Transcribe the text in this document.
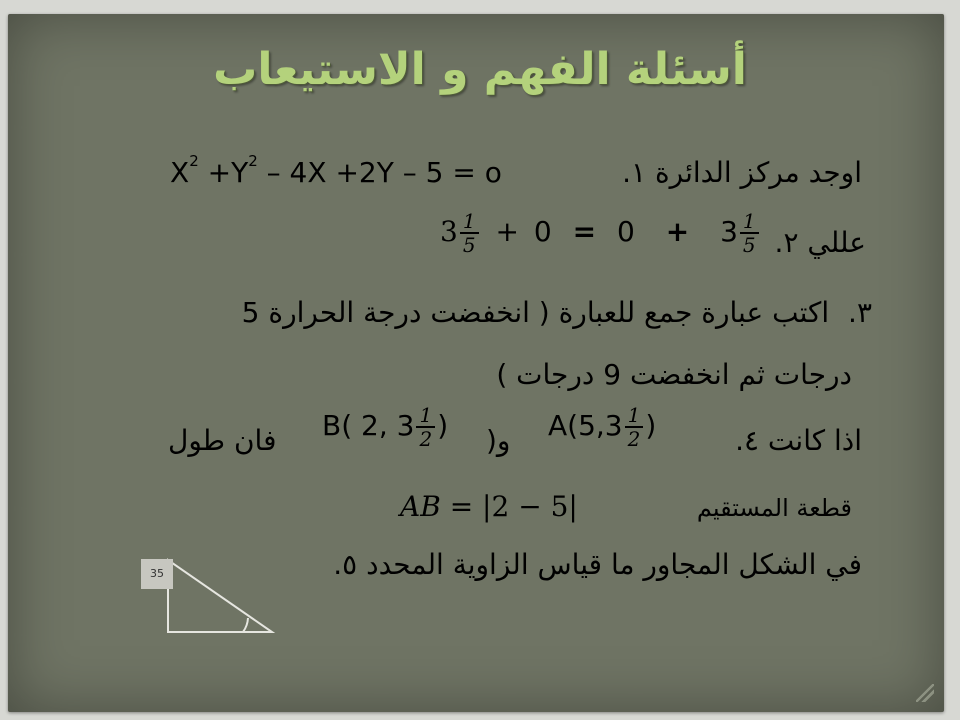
أسئلة الفهم و الاستيعاب
١. اوجد مركز الدائرة
$X^2 +Y^2 - 4X +2Y - 5 = o$
٢. عللي
$3 \frac{1}{5} + 0 = 0 + 3 \frac{1}{5}$
٣. اكتب عبارة جمع للعبارة ( انخفضت درجة الحرارة 5
درجات ثم انخفضت 9 درجات )
٤. اذا كانت
$A(5,3 \frac{1}{2}$ )
و(
B( 2, $3 \frac{1}{2}$ )
فان طول
قطعة المستقيم
|5 − 2| = AB
٥. في الشكل المجاور ما قياس الزاوية المحدد
35
